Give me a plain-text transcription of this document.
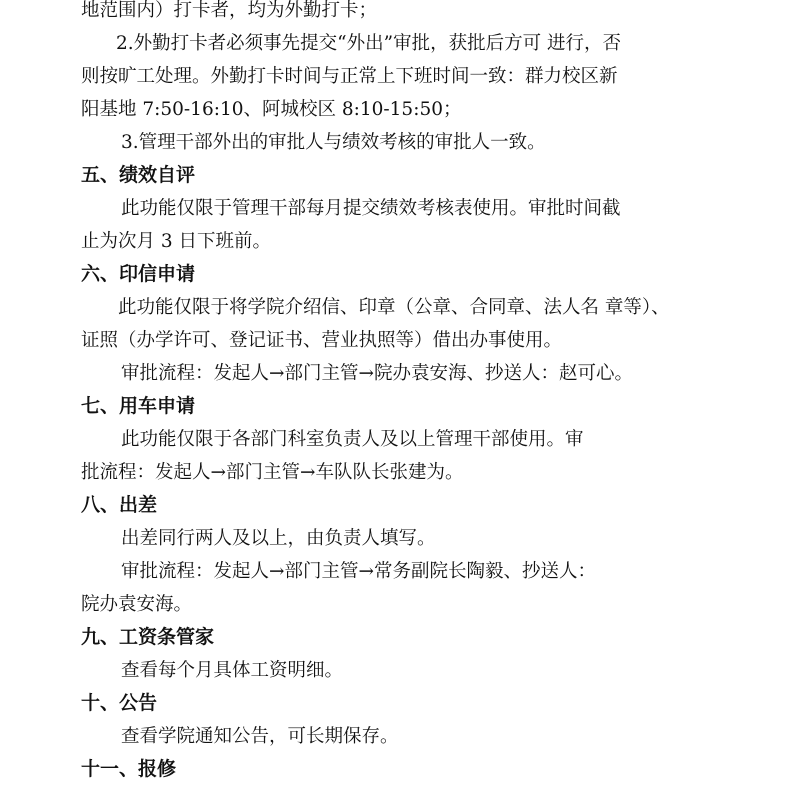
地范围内）打卡者，均为外勤打卡；
2.外勤打卡者必须事先提交“外出”审批，获批后方可 进行，否
则按旷工处理。外勤打卡时间与正常上下班时间一致：群力校区新
阳基地 7:50-16:10、阿城校区 8:10-15:50；
3.管理干部外出的审批人与绩效考核的审批人一致。
五、绩效自评
此功能仅限于管理干部每月提交绩效考核表使用。审批时间截
止为次月 3 日下班前。
六、印信申请
此功能仅限于将学院介绍信、印章（公章、合同章、法人名 章等）、
证照（办学许可、登记证书、营业执照等）借出办事使用。
审批流程：发起人→部门主管→院办袁安海、抄送人：赵可心。
七、用车申请
此功能仅限于各部门科室负责人及以上管理干部使用。审
批流程：发起人→部门主管→车队队长张建为。
八、出差
出差同行两人及以上，由负责人填写。
审批流程：发起人→部门主管→常务副院长陶毅、抄送人：
院办袁安海。
九、工资条管家
查看每个月具体工资明细。
十、公告
查看学院通知公告，可长期保存。
十一、报修
